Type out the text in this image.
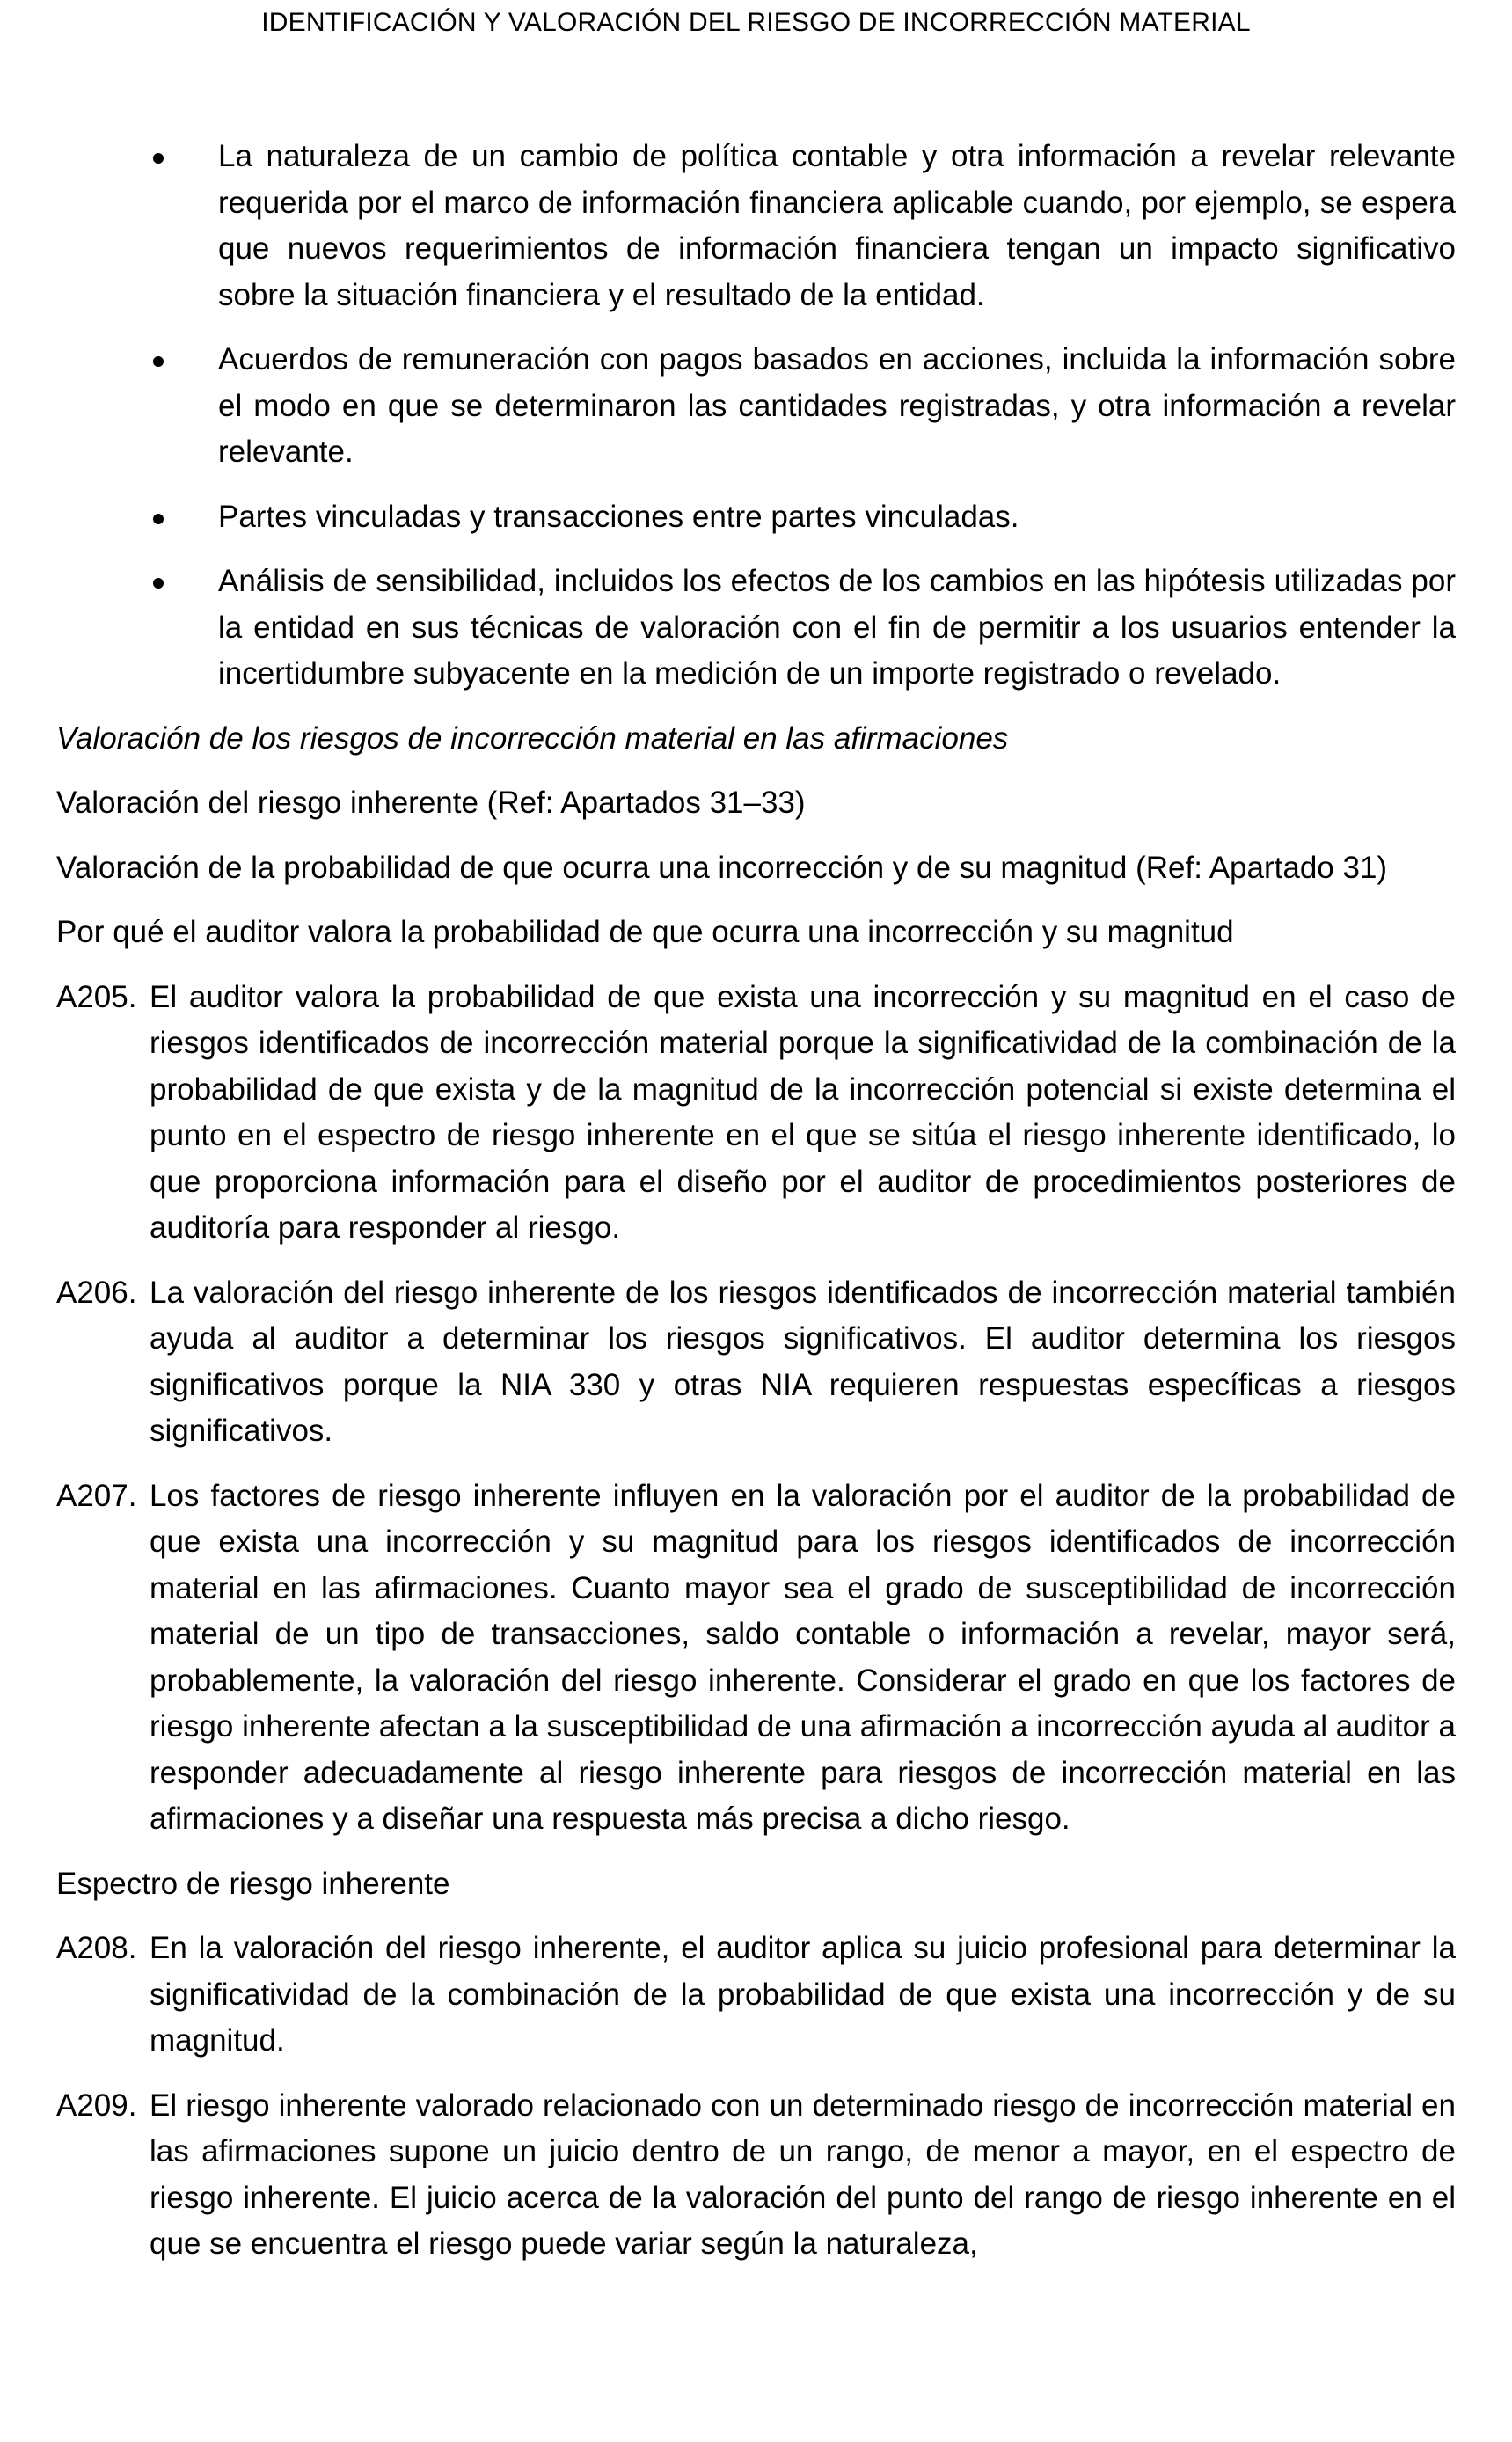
IDENTIFICACIÓN Y VALORACIÓN DEL RIESGO DE INCORRECCIÓN MATERIAL

La naturaleza de un cambio de política contable y otra información a revelar relevante requerida por el marco de información financiera aplicable cuando, por ejemplo, se espera que nuevos requerimientos de información financiera tengan un impacto significativo sobre la situación financiera y el resultado de la entidad.

Acuerdos de remuneración con pagos basados en acciones, incluida la información sobre el modo en que se determinaron las cantidades registradas, y otra información a revelar relevante.

Partes vinculadas y transacciones entre partes vinculadas.

Análisis de sensibilidad, incluidos los efectos de los cambios en las hipótesis utilizadas por la entidad en sus técnicas de valoración con el fin de permitir a los usuarios entender la incertidumbre subyacente en la medición de un importe registrado o revelado.

Valoración de los riesgos de incorrección material en las afirmaciones

Valoración del riesgo inherente (Ref: Apartados 31–33)

Valoración de la probabilidad de que ocurra una incorrección y de su magnitud (Ref: Apartado 31)

Por qué el auditor valora la probabilidad de que ocurra una incorrección y su magnitud

A205. El auditor valora la probabilidad de que exista una incorrección y su magnitud en el caso de riesgos identificados de incorrección material porque la significatividad de la combinación de la probabilidad de que exista y de la magnitud de la incorrección potencial si existe determina el punto en el espectro de riesgo inherente en el que se sitúa el riesgo inherente identificado, lo que proporciona información para el diseño por el auditor de procedimientos posteriores de auditoría para responder al riesgo.

A206. La valoración del riesgo inherente de los riesgos identificados de incorrección material también ayuda al auditor a determinar los riesgos significativos. El auditor determina los riesgos significativos porque la NIA 330 y otras NIA requieren respuestas específicas a riesgos significativos.

A207. Los factores de riesgo inherente influyen en la valoración por el auditor de la probabilidad de que exista una incorrección y su magnitud para los riesgos identificados de incorrección material en las afirmaciones. Cuanto mayor sea el grado de susceptibilidad de incorrección material de un tipo de transacciones, saldo contable o información a revelar, mayor será, probablemente, la valoración del riesgo inherente. Considerar el grado en que los factores de riesgo inherente afectan a la susceptibilidad de una afirmación a incorrección ayuda al auditor a responder adecuadamente al riesgo inherente para riesgos de incorrección material en las afirmaciones y a diseñar una respuesta más precisa a dicho riesgo.

Espectro de riesgo inherente

A208. En la valoración del riesgo inherente, el auditor aplica su juicio profesional para determinar la significatividad de la combinación de la probabilidad de que exista una incorrección y de su magnitud.

A209. El riesgo inherente valorado relacionado con un determinado riesgo de incorrección material en las afirmaciones supone un juicio dentro de un rango, de menor a mayor, en el espectro de riesgo inherente. El juicio acerca de la valoración del punto del rango de riesgo inherente en el que se encuentra el riesgo puede variar según la naturaleza,
